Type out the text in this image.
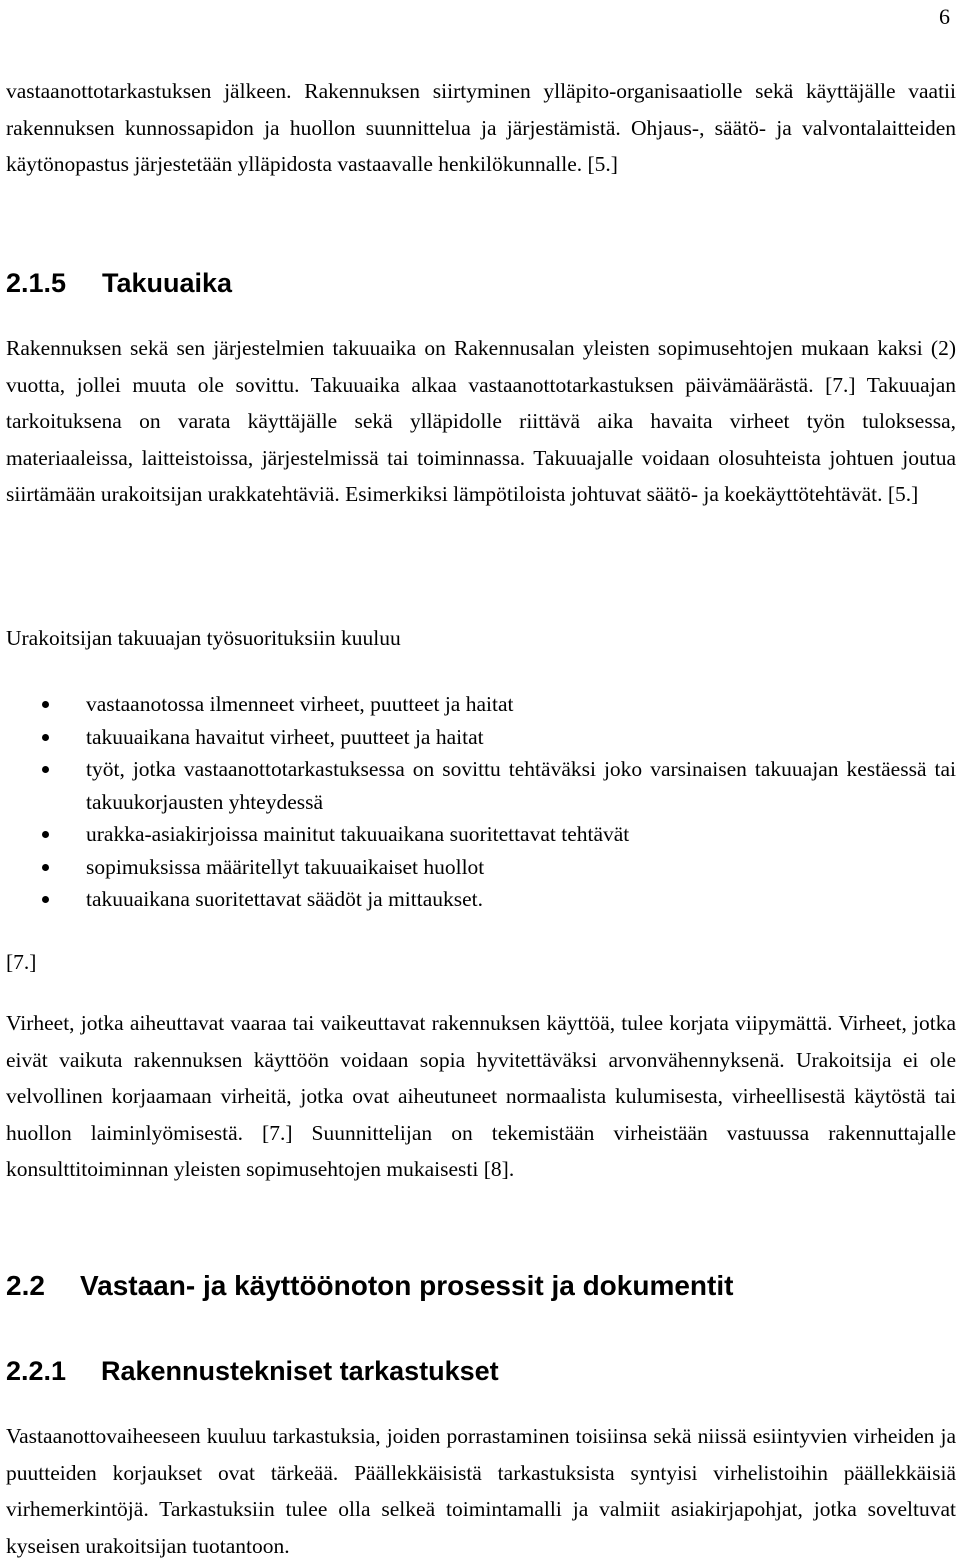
6

vastaanottotarkastuksen jälkeen. Rakennuksen siirtyminen ylläpito-organisaatiolle sekä käyttäjälle vaatii rakennuksen kunnossapidon ja huollon suunnittelua ja järjestämistä. Ohjaus-, säätö- ja valvontalaitteiden käytönopastus järjestetään ylläpidosta vastaavalle henkilökunnalle. [5.]

2.1.5 Takuuaika

Rakennuksen sekä sen järjestelmien takuuaika on Rakennusalan yleisten sopimusehtojen mukaan kaksi (2) vuotta, jollei muuta ole sovittu. Takuuaika alkaa vastaanottotarkastuksen päivämäärästä. [7.] Takuuajan tarkoituksena on varata käyttäjälle sekä ylläpidolle riittävä aika havaita virheet työn tuloksessa, materiaaleissa, laitteistoissa, järjestelmissä tai toiminnassa. Takuuajalle voidaan olosuhteista johtuen joutua siirtämään urakoitsijan urakkatehtäviä. Esimerkiksi lämpötiloista johtuvat säätö- ja koekäyttötehtävät. [5.]

Urakoitsijan takuuajan työsuorituksiin kuuluu

vastaanotossa ilmenneet virheet, puutteet ja haitat
takuuaikana havaitut virheet, puutteet ja haitat
työt, jotka vastaanottotarkastuksessa on sovittu tehtäväksi joko varsinaisen takuuajan kestäessä tai takuukorjausten yhteydessä
urakka-asiakirjoissa mainitut takuuaikana suoritettavat tehtävät
sopimuksissa määritellyt takuuaikaiset huollot
takuuaikana suoritettavat säädöt ja mittaukset.

[7.]

Virheet, jotka aiheuttavat vaaraa tai vaikeuttavat rakennuksen käyttöä, tulee korjata viipymättä. Virheet, jotka eivät vaikuta rakennuksen käyttöön voidaan sopia hyvitettäväksi arvonvähennyksenä. Urakoitsija ei ole velvollinen korjaamaan virheitä, jotka ovat aiheutuneet normaalista kulumisesta, virheellisestä käytöstä tai huollon laiminlyömisestä. [7.] Suunnittelijan on tekemistään virheistään vastuussa rakennuttajalle konsulttitoiminnan yleisten sopimusehtojen mukaisesti [8].

2.2 Vastaan- ja käyttöönoton prosessit ja dokumentit
2.2.1 Rakennustekniset tarkastukset

Vastaanottovaiheeseen kuuluu tarkastuksia, joiden porrastaminen toisiinsa sekä niissä esiintyvien virheiden ja puutteiden korjaukset ovat tärkeää. Päällekkäisistä tarkastuksista syntyisi virhelistoihin päällekkäisiä virhemerkintöjä. Tarkastuksiin tulee olla selkeä toimintamalli ja valmiit asiakirjapohjat, jotka soveltuvat kyseisen urakoitsijan tuotantoon.
